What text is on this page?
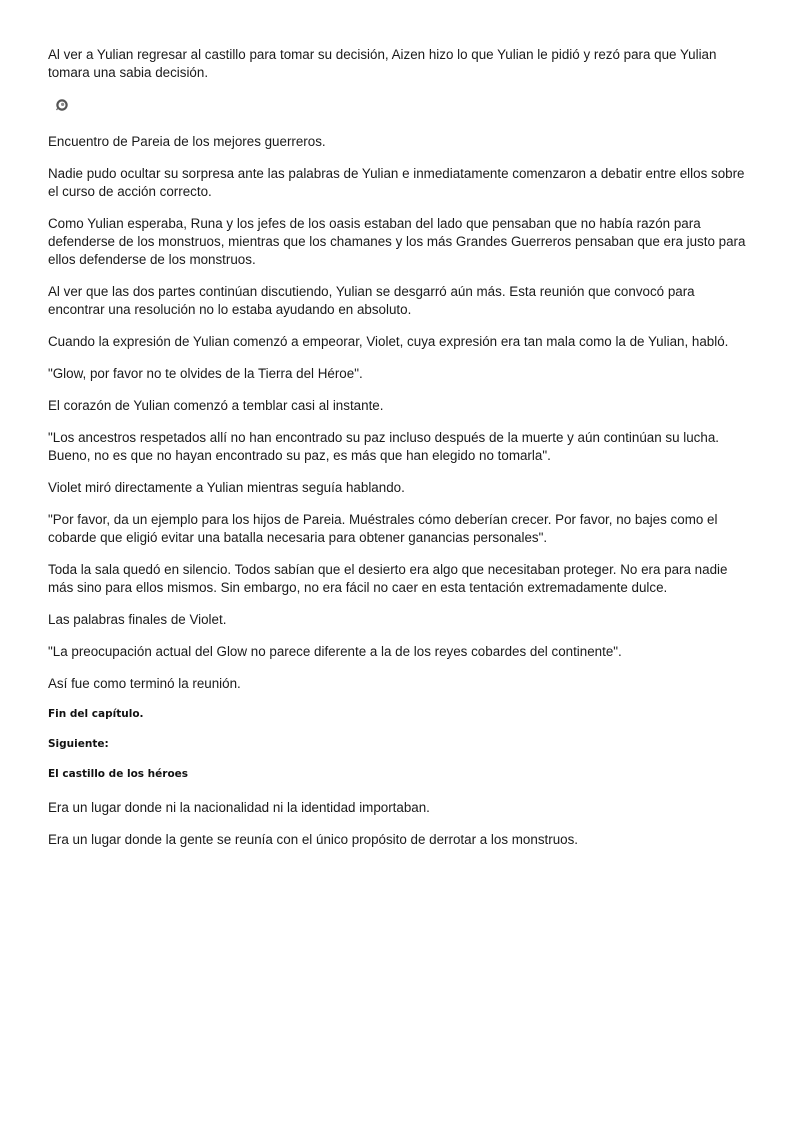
Al ver a Yulian regresar al castillo para tomar su decisión, Aizen hizo lo que Yulian le pidió y rezó para que Yulian tomara una sabia decisión.

Encuentro de Pareia de los mejores guerreros.

Nadie pudo ocultar su sorpresa ante las palabras de Yulian e inmediatamente comenzaron a debatir entre ellos sobre el curso de acción correcto.

Como Yulian esperaba, Runa y los jefes de los oasis estaban del lado que pensaban que no había razón para defenderse de los monstruos, mientras que los chamanes y los más Grandes Guerreros pensaban que era justo para ellos defenderse de los monstruos.

Al ver que las dos partes continúan discutiendo, Yulian se desgarró aún más. Esta reunión que convocó para encontrar una resolución no lo estaba ayudando en absoluto.

Cuando la expresión de Yulian comenzó a empeorar, Violet, cuya expresión era tan mala como la de Yulian, habló.

"Glow, por favor no te olvides de la Tierra del Héroe".

El corazón de Yulian comenzó a temblar casi al instante.

"Los ancestros respetados allí no han encontrado su paz incluso después de la muerte y aún continúan su lucha. Bueno, no es que no hayan encontrado su paz, es más que han elegido no tomarla".

Violet miró directamente a Yulian mientras seguía hablando.

"Por favor, da un ejemplo para los hijos de Pareia. Muéstrales cómo deberían crecer. Por favor, no bajes como el cobarde que eligió evitar una batalla necesaria para obtener ganancias personales".

Toda la sala quedó en silencio. Todos sabían que el desierto era algo que necesitaban proteger. No era para nadie más sino para ellos mismos. Sin embargo, no era fácil no caer en esta tentación extremadamente dulce.

Las palabras finales de Violet.

"La preocupación actual del Glow no parece diferente a la de los reyes cobardes del continente".

Así fue como terminó la reunión.

Fin del capítulo.
Siguiente:
El castillo de los héroes

Era un lugar donde ni la nacionalidad ni la identidad importaban.

Era un lugar donde la gente se reunía con el único propósito de derrotar a los monstruos.
